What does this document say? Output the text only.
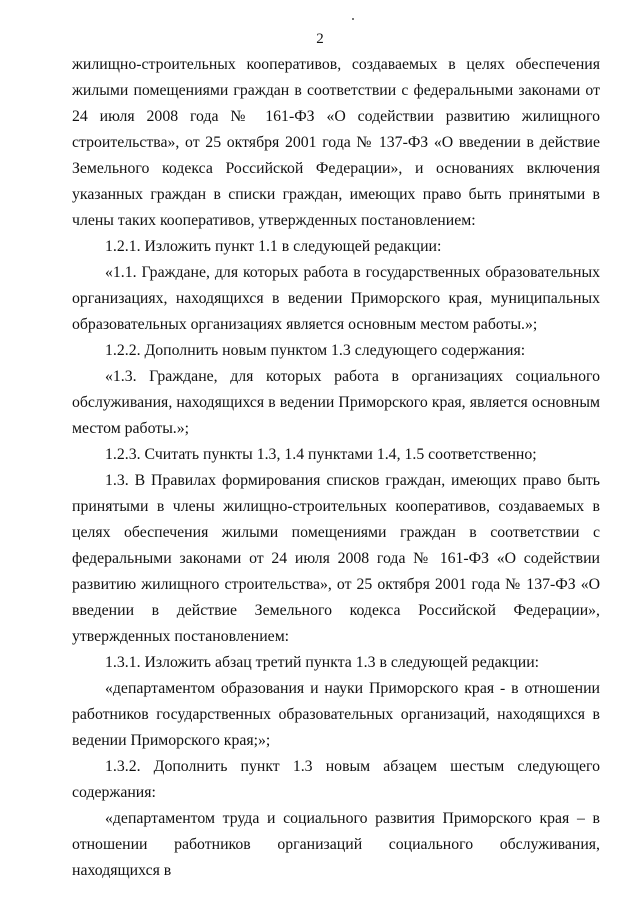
2

жилищно-строительных кооперативов, создаваемых в целях обеспечения жилыми помещениями граждан в соответствии с федеральными законами от 24 июля 2008 года № 161-ФЗ «О содействии развитию жилищного строительства», от 25 октября 2001 года № 137-ФЗ «О введении в действие Земельного кодекса Российской Федерации», и основаниях включения указанных граждан в списки граждан, имеющих право быть принятыми в члены таких кооперативов, утвержденных постановлением:

1.2.1. Изложить пункт 1.1 в следующей редакции:

«1.1. Граждане, для которых работа в государственных образовательных организациях, находящихся в ведении Приморского края, муниципальных образовательных организациях является основным местом работы.»;

1.2.2. Дополнить новым пунктом 1.3 следующего содержания:

«1.3. Граждане, для которых работа в организациях социального обслуживания, находящихся в ведении Приморского края, является основным местом работы.»;

1.2.3. Считать пункты 1.3, 1.4 пунктами 1.4, 1.5 соответственно;

1.3. В Правилах формирования списков граждан, имеющих право быть принятыми в члены жилищно-строительных кооперативов, создаваемых в целях обеспечения жилыми помещениями граждан в соответствии с федеральными законами от 24 июля 2008 года № 161-ФЗ «О содействии развитию жилищного строительства», от 25 октября 2001 года № 137-ФЗ «О введении в действие Земельного кодекса Российской Федерации», утвержденных постановлением:

1.3.1. Изложить абзац третий пункта 1.3 в следующей редакции:

«департаментом образования и науки Приморского края - в отношении работников государственных образовательных организаций, находящихся в ведении Приморского края;»;

1.3.2. Дополнить пункт 1.3 новым абзацем шестым следующего содержания:

«департаментом труда и социального развития Приморского края – в отношении работников организаций социального обслуживания, находящихся в
